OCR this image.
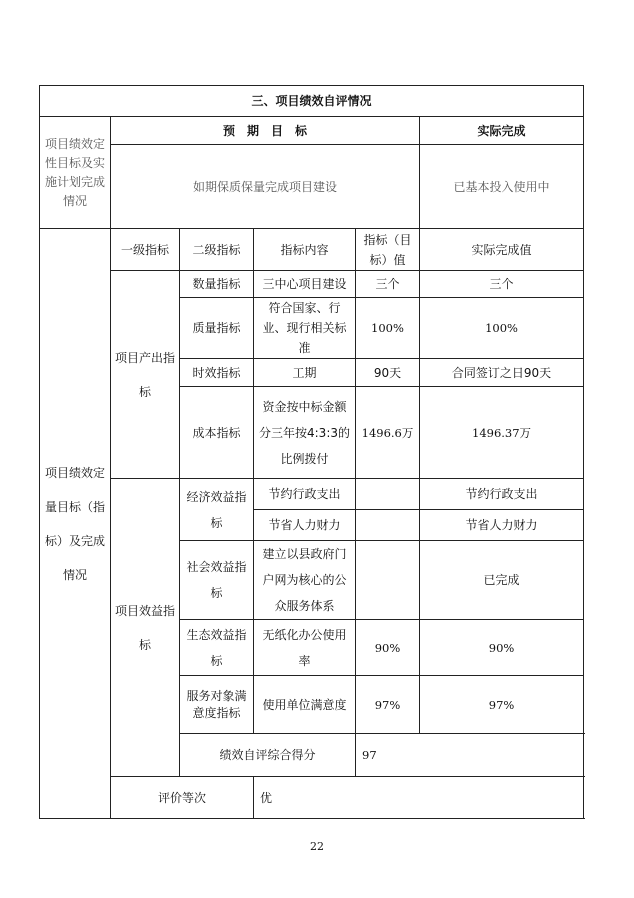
三、项目绩效自评情况					
项目绩效定性目标及实施计划完成情况	预　期　目　标				实际完成
	如期保质保量完成项目建设				已基本投入使用中
项目绩效定量目标（指标）及完成情况	一级指标	二级指标	指标内容	指标（目标）值	实际完成值
	项目产出指标	数量指标	三中心项目建设	三个	三个
		质量指标	符合国家、行业、现行相关标准	100%	100%
		时效指标	工期	90天	合同签订之日90天
		成本指标	资金按中标金额分三年按4:3:3的比例拨付	1496.6万	1496.37万
	项目效益指标	经济效益指标	节约行政支出		节约行政支出
			节省人力财力		节省人力财力
		社会效益指标	建立以县政府门户网为核心的公众服务体系		已完成
		生态效益指标	无纸化办公使用率	90%	90%
		服务对象满意度指标	使用单位满意度	97%	97%
		绩效自评综合得分		97	
	评价等次		优		
22
